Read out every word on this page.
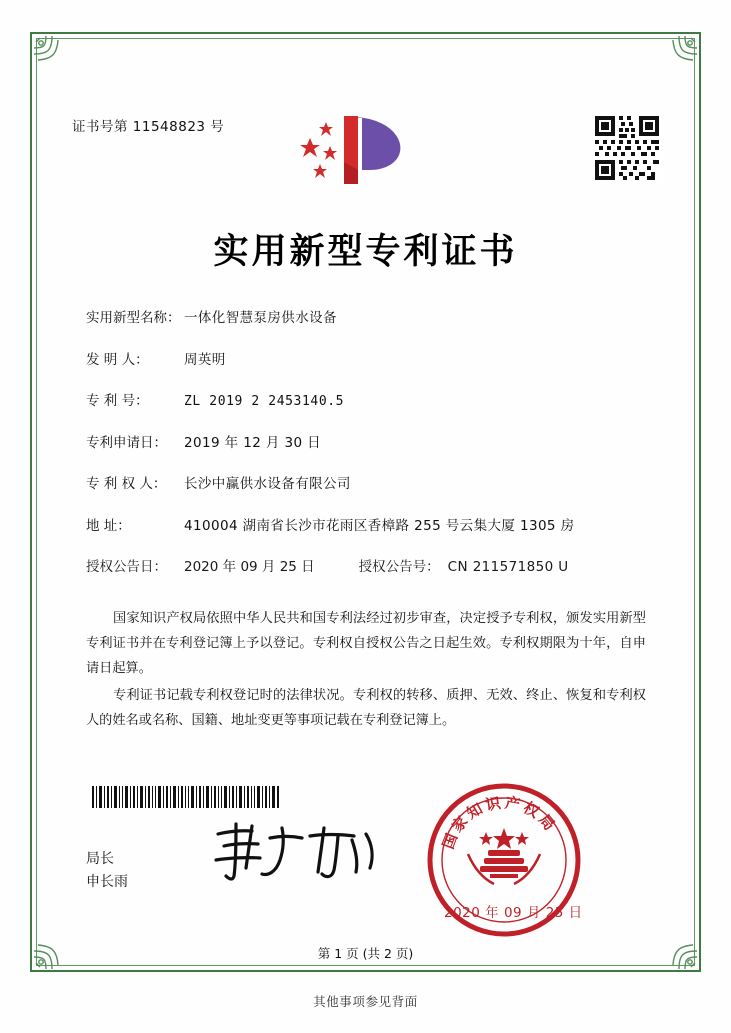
证书号第 11548823 号
实用新型专利证书
实用新型名称： 一体化智慧泵房供水设备
发 明 人：	周英明
专 利 号：	ZL 2019 2 2453140.5
专利申请日：	2019 年 12 月 30 日
专 利 权 人：	长沙中赢供水设备有限公司
地 址：	410004 湖南省长沙市花雨区香樟路 255 号云集大厦 1305 房
授权公告日：	2020 年 09 月 25 日	授权公告号： CN 211571850 U

国家知识产权局依照中华人民共和国专利法经过初步审查，决定授予专利权，颁发实用新型专利证书并在专利登记簿上予以登记。专利权自授权公告之日起生效。专利权期限为十年，自申请日起算。

专利证书记载专利权登记时的法律状况。专利权的转移、质押、无效、终止、恢复和专利权人的姓名或名称、国籍、地址变更等事项记载在专利登记簿上。

局长
申长雨
国家知识产权局
2020 年 09 月 25 日
第 1 页 (共 2 页)
其他事项参见背面
